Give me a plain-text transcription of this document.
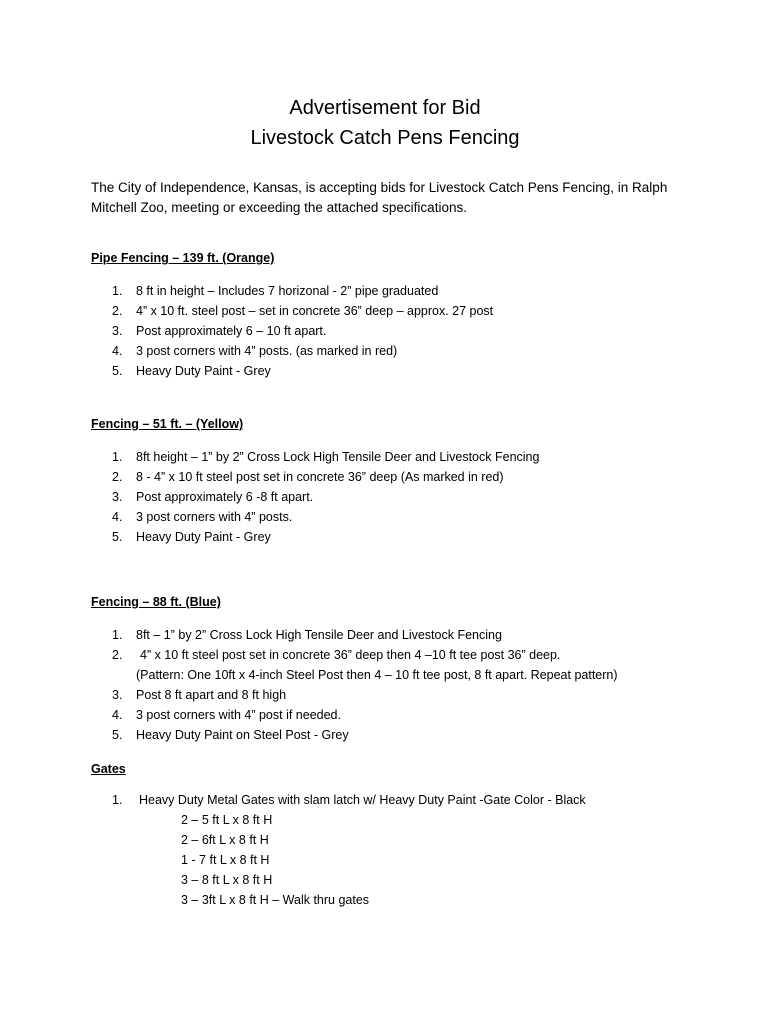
Advertisement for Bid
Livestock Catch Pens Fencing
The City of Independence, Kansas, is accepting bids for Livestock Catch Pens Fencing, in Ralph Mitchell Zoo, meeting or exceeding the attached specifications.
Pipe Fencing – 139 ft. (Orange)
1. 8 ft in height – Includes 7 horizonal - 2” pipe graduated
2. 4” x 10 ft. steel post – set in concrete 36” deep – approx. 27 post
3. Post approximately 6 – 10 ft apart.
4. 3 post corners with 4” posts. (as marked in red)
5. Heavy Duty Paint - Grey
Fencing – 51 ft. – (Yellow)
1. 8ft height – 1” by 2” Cross Lock High Tensile Deer and Livestock Fencing
2. 8 - 4” x 10 ft steel post set in concrete 36” deep (As marked in red)
3. Post approximately 6 -8 ft apart.
4. 3 post corners with 4” posts.
5. Heavy Duty Paint - Grey
Fencing – 88 ft. (Blue)
1. 8ft – 1” by 2” Cross Lock High Tensile Deer and Livestock Fencing
2. 4” x 10 ft steel post set in concrete 36” deep then 4 –10 ft tee post 36” deep.
(Pattern: One 10ft x 4-inch Steel Post then 4 – 10 ft tee post, 8 ft apart. Repeat pattern)
3. Post 8 ft apart and 8 ft high
4. 3 post corners with 4” post if needed.
5. Heavy Duty Paint on Steel Post - Grey
Gates
1. Heavy Duty Metal Gates with slam latch w/ Heavy Duty Paint -Gate Color - Black
2 – 5 ft L x 8 ft H
2 – 6ft L x 8 ft H
1 - 7 ft L x 8 ft H
3 – 8 ft L x 8 ft H
3 – 3ft L x 8 ft H – Walk thru gates
